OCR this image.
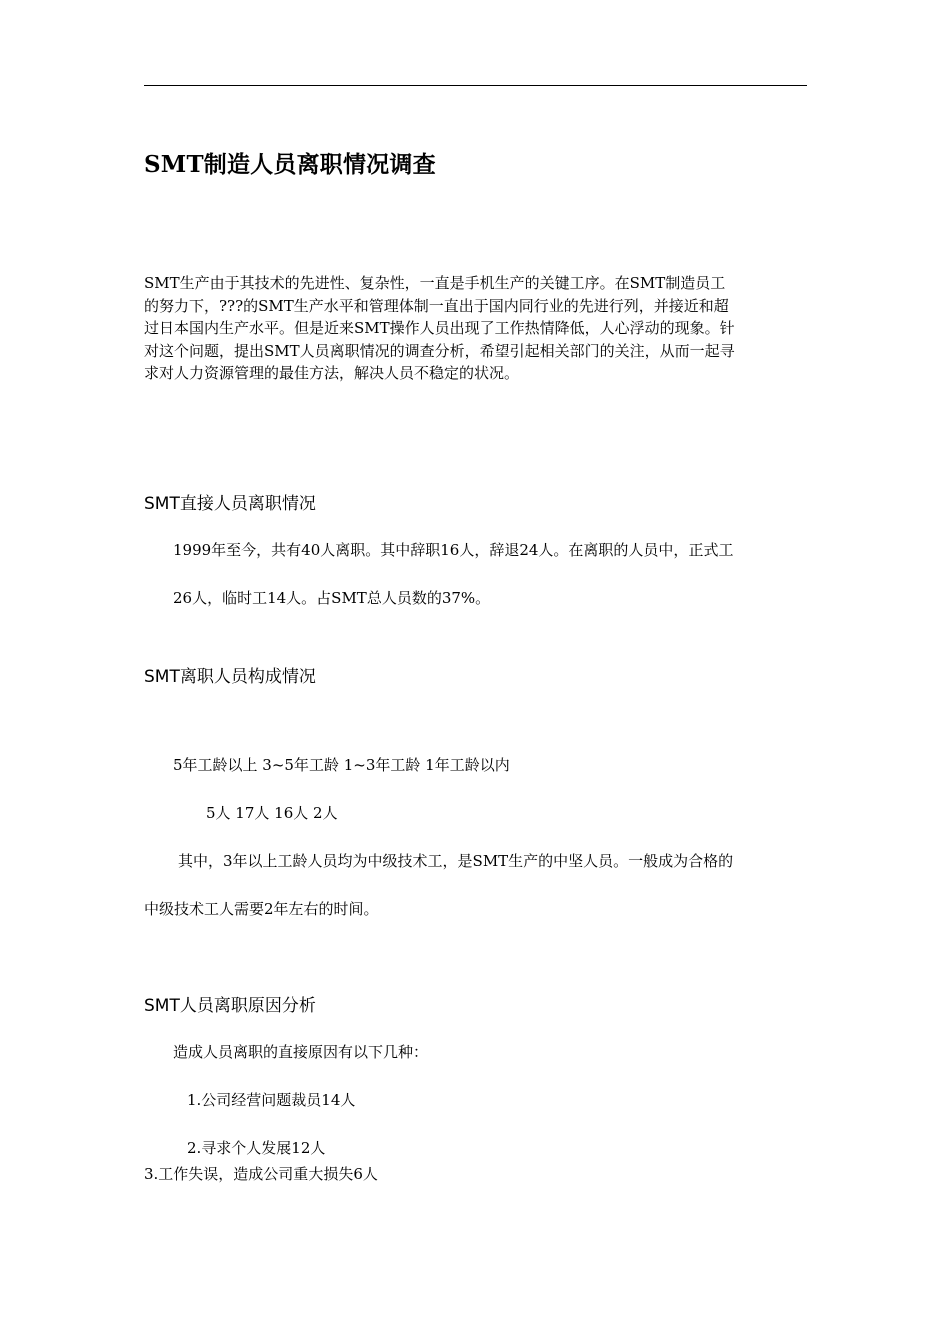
SMT制造人员离职情况调查
SMT生产由于其技术的先进性、复杂性，一直是手机生产的关键工序。在SMT制造员工
的努力下，???的SMT生产水平和管理体制一直出于国内同行业的先进行列，并接近和超
过日本国内生产水平。但是近来SMT操作人员出现了工作热情降低，人心浮动的现象。针
对这个问题，提出SMT人员离职情况的调查分析，希望引起相关部门的关注，从而一起寻
求对人力资源管理的最佳方法，解决人员不稳定的状况。
SMT直接人员离职情况
1999年至今，共有40人离职。其中辞职16人，辞退24人。在离职的人员中，正式工
26人，临时工14人。占SMT总人员数的37%。
SMT离职人员构成情况
5年工龄以上 3~5年工龄 1~3年工龄 1年工龄以内
5人 17人 16人 2人
其中，3年以上工龄人员均为中级技术工，是SMT生产的中坚人员。一般成为合格的
中级技术工人需要2年左右的时间。
SMT人员离职原因分析
造成人员离职的直接原因有以下几种：
1.公司经营问题裁员14人
2.寻求个人发展12人
3.工作失误，造成公司重大损失6人
